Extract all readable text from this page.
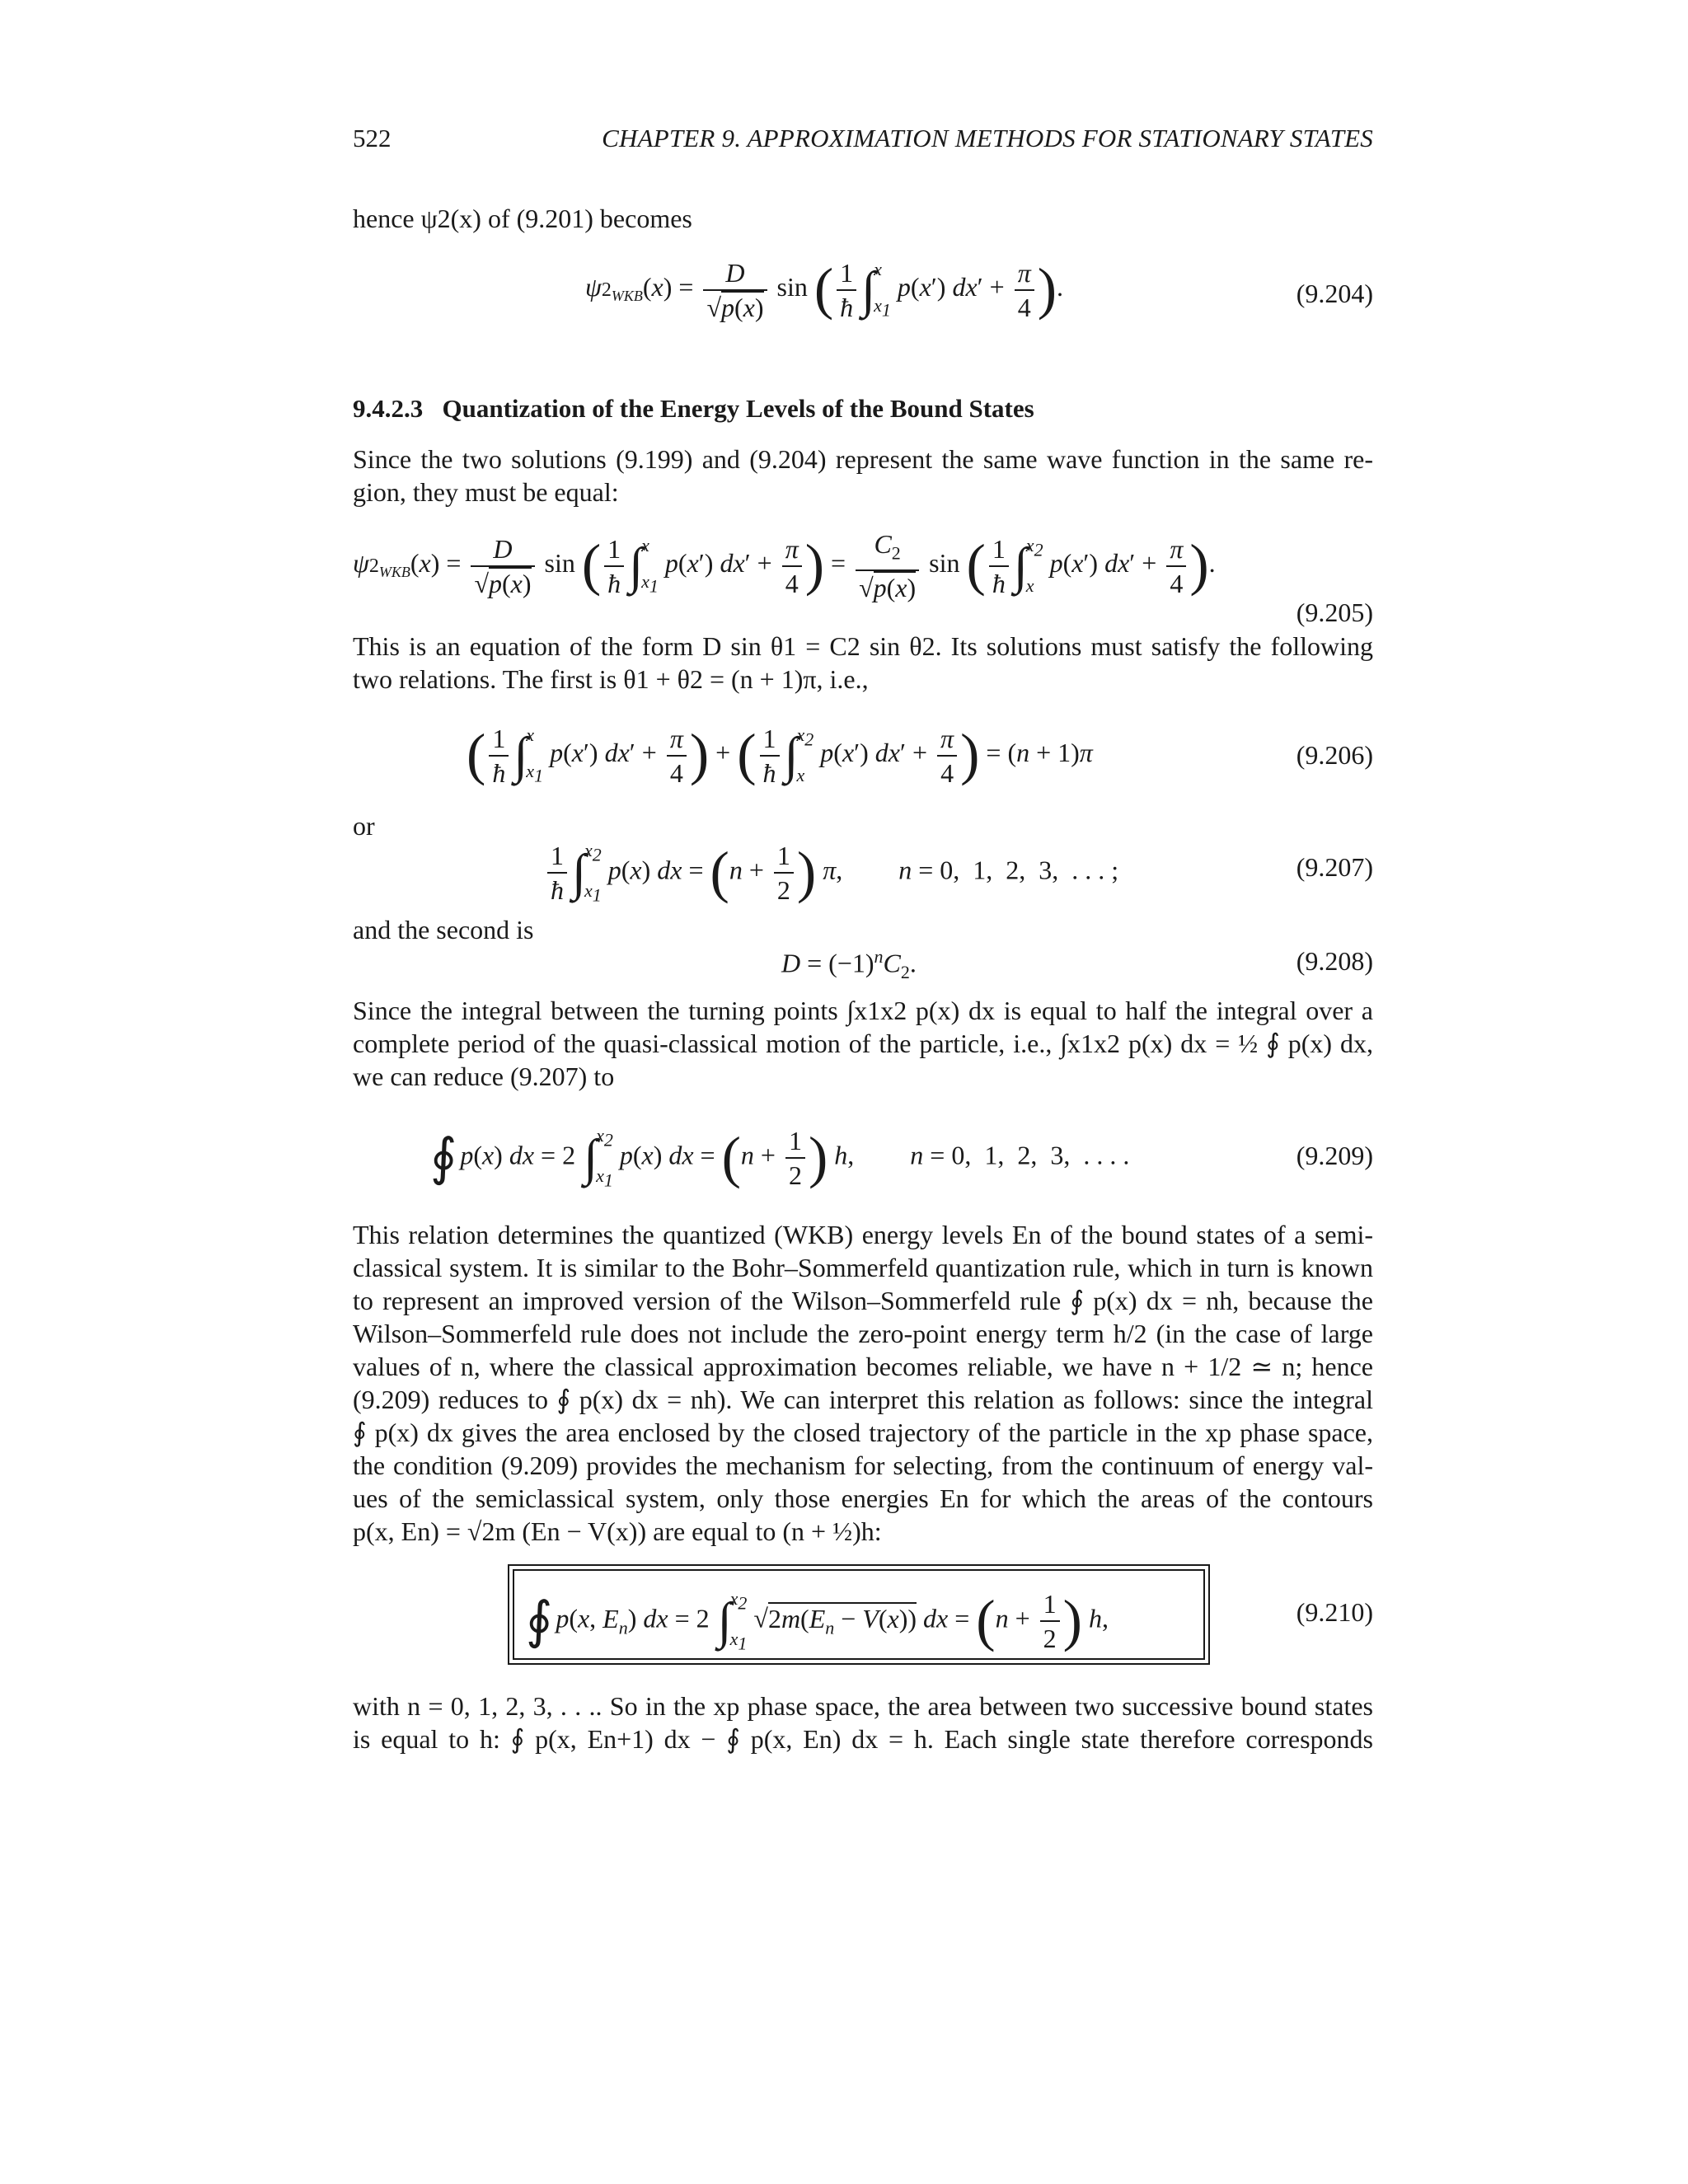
522	CHAPTER 9. APPROXIMATION METHODS FOR STATIONARY STATES
hence ψ2(x) of (9.201) becomes
$\psi 2_{WKB}(x) = \frac{D}{√p(x)}$ sin ( $\frac{1}{ħ}$ ∫
x
$x_1$
p(x′) $dx' + \frac{\pi}{4}$ ).	(9.204)
9.4.2.3 Quantization of the Energy Levels of the Bound States
Since the two solutions (9.199) and (9.204) represent the same wave function in the same re-
gion, they must be equal:
$\psi 2_{WKB}(x) = \frac{D}{√p(x)}$ sin ( $\frac{1}{ħ}$ ∫
x
$x_1$
p(x′) $dx' + \frac{\pi}{4}$ ) = $\frac{C_2}{√p(x)}$ sin ( $\frac{1}{ħ}$ ∫
$x_2$
x
p(x′) $dx' + \frac{\pi}{4}$ ).
(9.205)
This is an equation of the form D sin θ1 = C2 sin θ2. Its solutions must satisfy the following
two relations. The first is θ1 + θ2 = (n + 1)π, i.e.,
( $\frac{1}{ħ}$ ∫
x
$x_1$
p(x′) $dx' + \frac{\pi}{4}$ ) + ( $\frac{1}{ħ}$ ∫
$x_2$
x
p(x′) $dx' + \frac{\pi}{4}$ ) = (n + 1)π	(9.206)
or
$\frac{1}{ħ}$ ∫
$x_2$
$x_1$
p(x) dx = ($n + \frac{1}{2}$ ) π, n = 0,  1,  2,  3,  . . . ;	(9.207)
and the second is
$D = (-1)^nC_2$.	(9.208)
Since the integral between the turning points ∫x1x2 p(x) dx is equal to half the integral over a
complete period of the quasi-classical motion of the particle, i.e., ∫x1x2 p(x) dx = ½ ∮ p(x) dx,
we can reduce (9.207) to
∮ p(x) dx = 2 ∫
$x_2$
$x_1$
p(x) dx = ($n + \frac{1}{2}$ ) h, n = 0,  1,  2,  3,  . . . .	(9.209)
This relation determines the quantized (WKB) energy levels En of the bound states of a semi-
classical system. It is similar to the Bohr–Sommerfeld quantization rule, which in turn is known
to represent an improved version of the Wilson–Sommerfeld rule ∮ p(x) dx = nh, because the
Wilson–Sommerfeld rule does not include the zero-point energy term h/2 (in the case of large
values of n, where the classical approximation becomes reliable, we have n + 1/2 ≃ n; hence
(9.209) reduces to ∮ p(x) dx = nh). We can interpret this relation as follows: since the integral
∮ p(x) dx gives the area enclosed by the closed trajectory of the particle in the xp phase space,
the condition (9.209) provides the mechanism for selecting, from the continuum of energy val-
ues of the semiclassical system, only those energies En for which the areas of the contours
p(x, En) = √2m (En − V(x)) are equal to (n + ½)h:
∮ p(x, $E_n$) dx = 2 ∫
$x_2$
$x_1$
$√2m(E_n - V(x))$ dx = ($n + \frac{1}{2}$ ) h,	(9.210)
with n = 0, 1, 2, 3, . . .. So in the xp phase space, the area between two successive bound states
is equal to h: ∮ p(x, En+1) dx − ∮ p(x, En) dx = h. Each single state therefore corresponds
